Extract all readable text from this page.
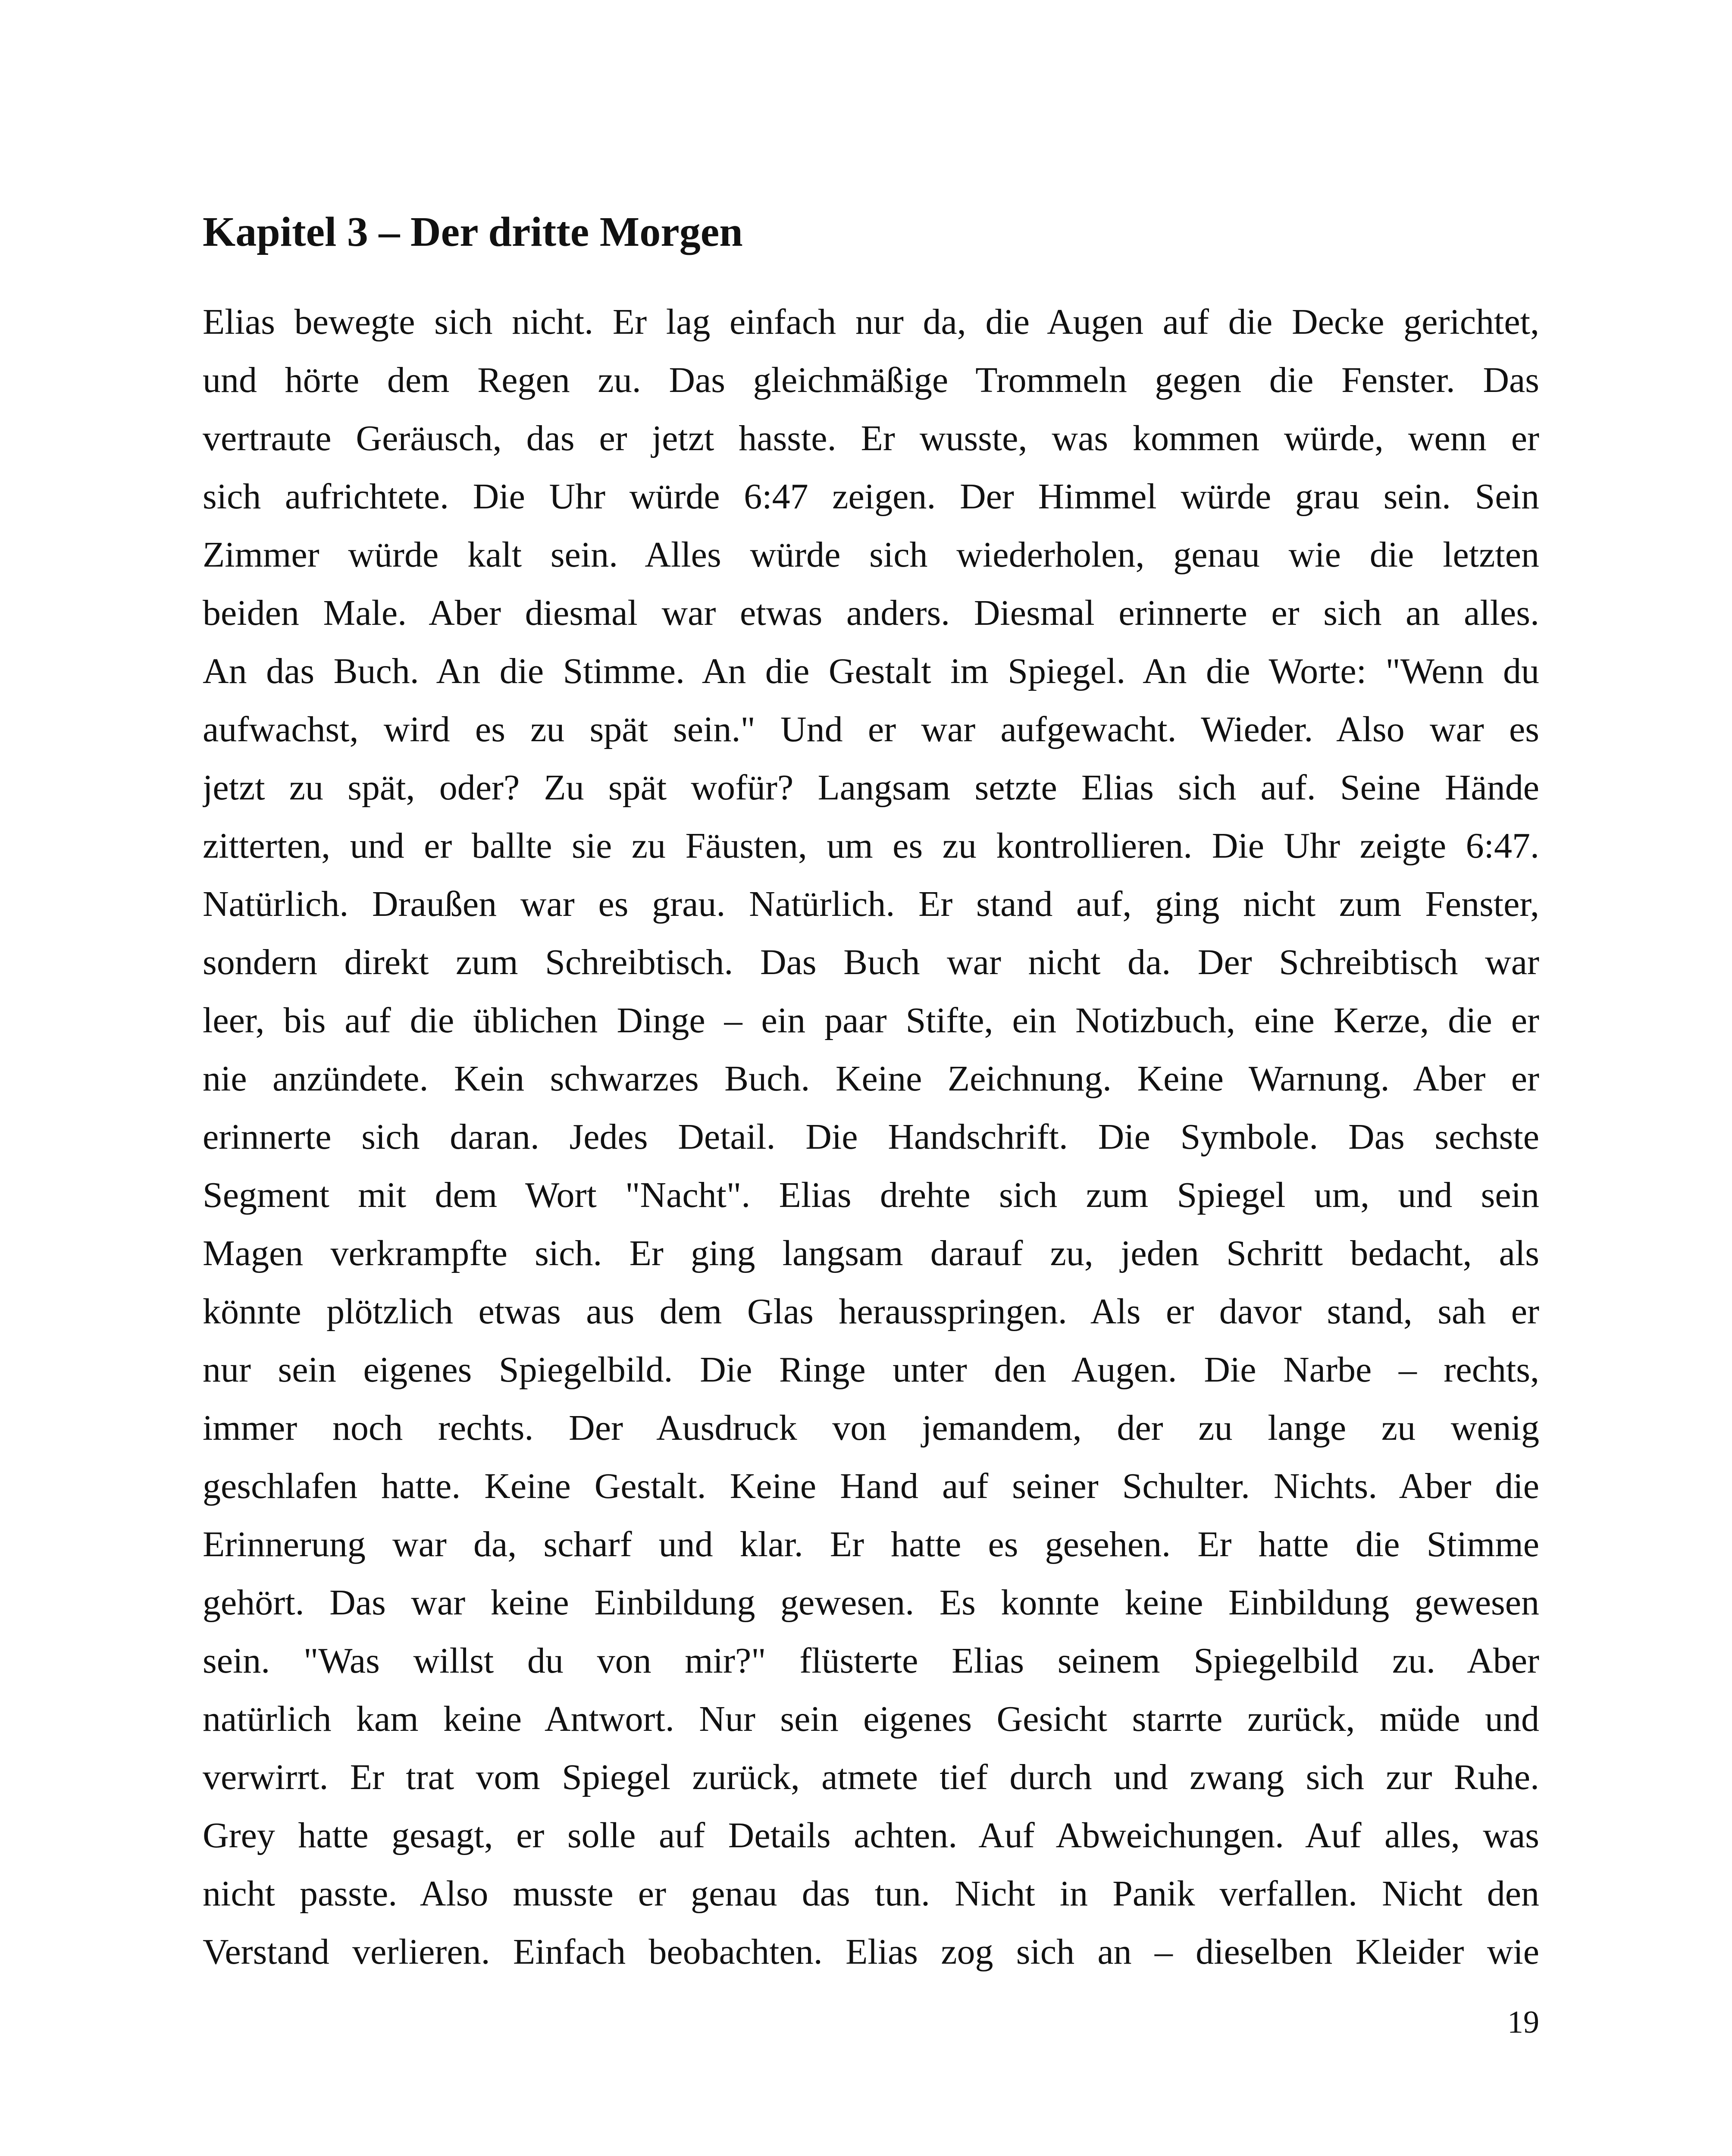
Kapitel 3 – Der dritte Morgen
Elias bewegte sich nicht. Er lag einfach nur da, die Augen auf die Decke gerichtet,
und hörte dem Regen zu. Das gleichmäßige Trommeln gegen die Fenster. Das
vertraute Geräusch, das er jetzt hasste. Er wusste, was kommen würde, wenn er
sich aufrichtete. Die Uhr würde 6:47 zeigen. Der Himmel würde grau sein. Sein
Zimmer würde kalt sein. Alles würde sich wiederholen, genau wie die letzten
beiden Male. Aber diesmal war etwas anders. Diesmal erinnerte er sich an alles.
An das Buch. An die Stimme. An die Gestalt im Spiegel. An die Worte: "Wenn du
aufwachst, wird es zu spät sein." Und er war aufgewacht. Wieder. Also war es
jetzt zu spät, oder? Zu spät wofür? Langsam setzte Elias sich auf. Seine Hände
zitterten, und er ballte sie zu Fäusten, um es zu kontrollieren. Die Uhr zeigte 6:47.
Natürlich. Draußen war es grau. Natürlich. Er stand auf, ging nicht zum Fenster,
sondern direkt zum Schreibtisch. Das Buch war nicht da. Der Schreibtisch war
leer, bis auf die üblichen Dinge – ein paar Stifte, ein Notizbuch, eine Kerze, die er
nie anzündete. Kein schwarzes Buch. Keine Zeichnung. Keine Warnung. Aber er
erinnerte sich daran. Jedes Detail. Die Handschrift. Die Symbole. Das sechste
Segment mit dem Wort "Nacht". Elias drehte sich zum Spiegel um, und sein
Magen verkrampfte sich. Er ging langsam darauf zu, jeden Schritt bedacht, als
könnte plötzlich etwas aus dem Glas herausspringen. Als er davor stand, sah er
nur sein eigenes Spiegelbild. Die Ringe unter den Augen. Die Narbe – rechts,
immer noch rechts. Der Ausdruck von jemandem, der zu lange zu wenig
geschlafen hatte. Keine Gestalt. Keine Hand auf seiner Schulter. Nichts. Aber die
Erinnerung war da, scharf und klar. Er hatte es gesehen. Er hatte die Stimme
gehört. Das war keine Einbildung gewesen. Es konnte keine Einbildung gewesen
sein. "Was willst du von mir?" flüsterte Elias seinem Spiegelbild zu. Aber
natürlich kam keine Antwort. Nur sein eigenes Gesicht starrte zurück, müde und
verwirrt. Er trat vom Spiegel zurück, atmete tief durch und zwang sich zur Ruhe.
Grey hatte gesagt, er solle auf Details achten. Auf Abweichungen. Auf alles, was
nicht passte. Also musste er genau das tun. Nicht in Panik verfallen. Nicht den
Verstand verlieren. Einfach beobachten. Elias zog sich an – dieselben Kleider wie
19
